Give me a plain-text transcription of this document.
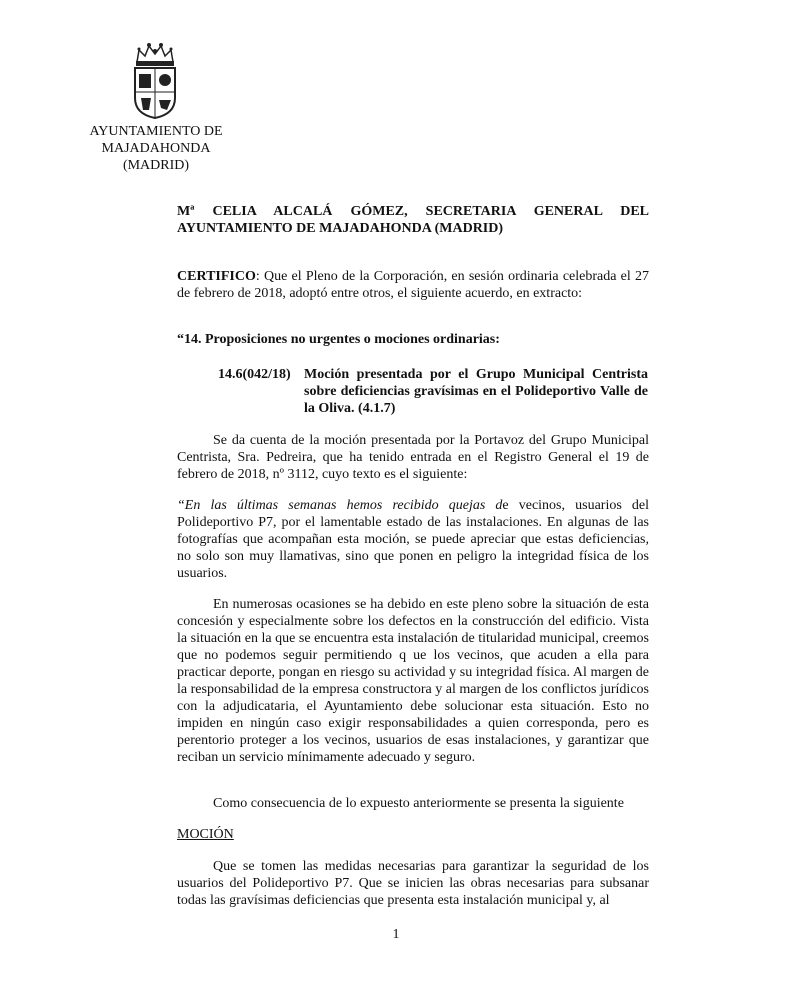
AYUNTAMIENTO DE
MAJADAHONDA
(MADRID)
Mª CELIA ALCALÁ GÓMEZ, SECRETARIA GENERAL DEL AYUNTAMIENTO DE MAJADAHONDA (MADRID)
CERTIFICO: Que el Pleno de la Corporación, en sesión ordinaria celebrada el 27 de febrero de 2018, adoptó entre otros, el siguiente acuerdo, en extracto:
“14. Proposiciones no urgentes o mociones ordinarias:
14.6(042/18) Moción presentada por el Grupo Municipal Centrista sobre deficiencias gravísimas en el Polideportivo Valle de la Oliva. (4.1.7)

Se da cuenta de la moción presentada por la Portavoz del Grupo Municipal Centrista, Sra. Pedreira, que ha tenido entrada en el Registro General el 19 de febrero de 2018, nº 3112, cuyo texto es el siguiente:

“En las últimas semanas hemos recibido quejas de vecinos, usuarios del Polideportivo P7, por el lamentable estado de las instalaciones. En algunas de las fotografías que acompañan esta moción, se puede apreciar que estas deficiencias, no solo son muy llamativas, sino que ponen en peligro la integridad física de los usuarios.

En numerosas ocasiones se ha debido en este pleno sobre la situación de esta concesión y especialmente sobre los defectos en la construcción del edificio. Vista la situación en la que se encuentra esta instalación de titularidad municipal, creemos que no podemos seguir permitiendo q ue los vecinos, que acuden a ella para practicar deporte, pongan en riesgo su actividad y su integridad física. Al margen de la responsabilidad de la empresa constructora y al margen de los conflictos jurídicos con la adjudicataria, el Ayuntamiento debe solucionar esta situación. Esto no impiden en ningún caso exigir responsabilidades a quien corresponda, pero es perentorio proteger a los vecinos, usuarios de esas instalaciones, y garantizar que reciban un servicio mínimamente adecuado y seguro.

Como consecuencia de lo expuesto anteriormente se presenta la siguiente

MOCIÓN

Que se tomen las medidas necesarias para garantizar la seguridad de los usuarios del Polideportivo P7. Que se inicien las obras necesarias para subsanar todas las gravísimas deficiencias que presenta esta instalación municipal y, al

1
